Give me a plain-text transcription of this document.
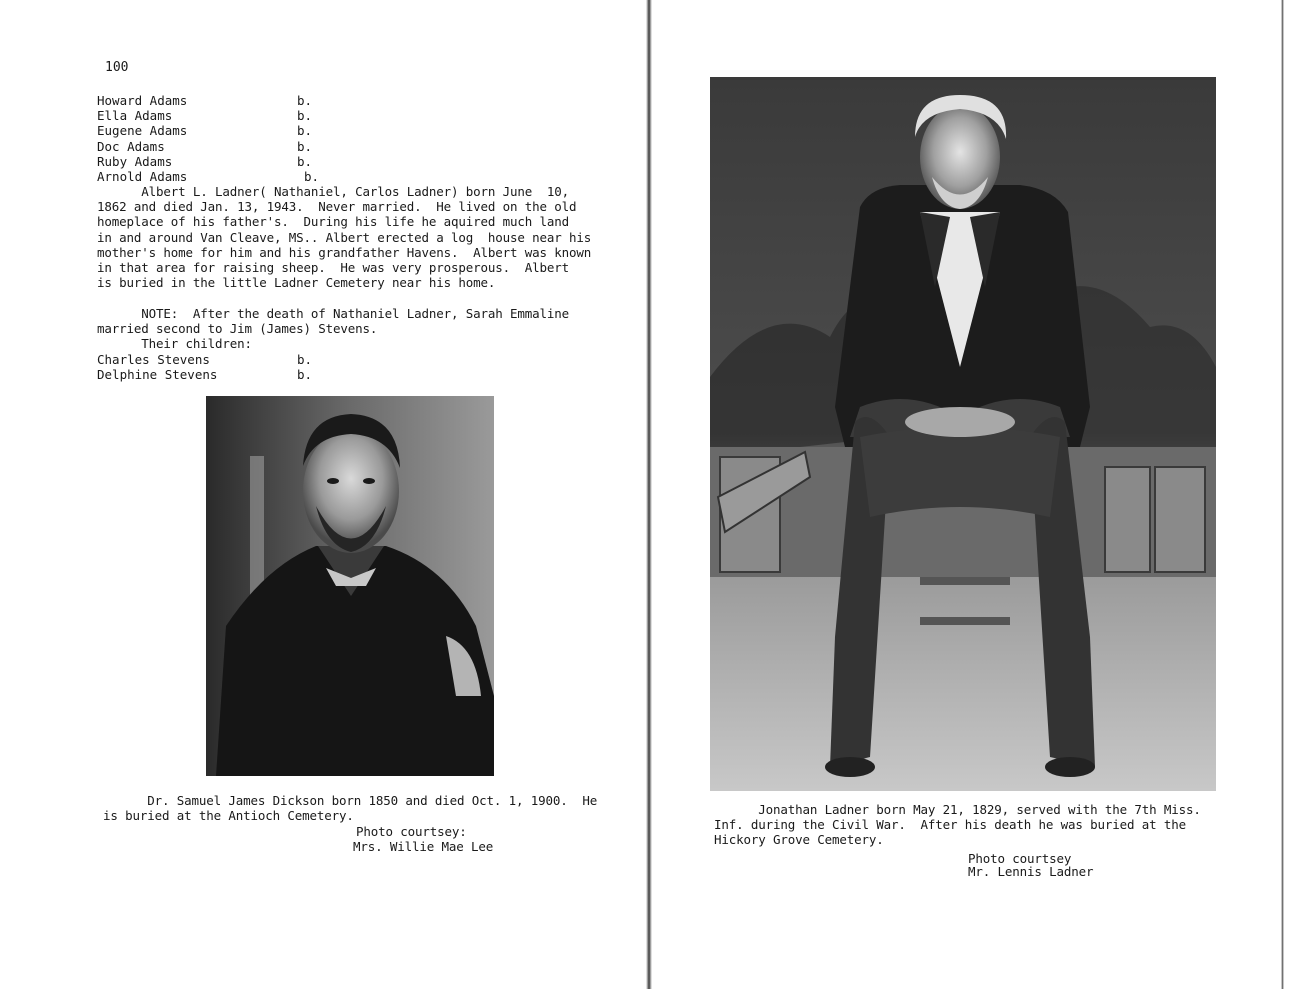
100
Howard Adams	b.
Ella Adams	b.
Eugene Adams	b.
Doc Adams	b.
Ruby Adams	b.
Arnold Adams	b.
Albert L. Ladner( Nathaniel, Carlos Ladner) born June  10,
1862 and died Jan. 13, 1943.  Never married.  He lived on the old
homeplace of his father's.  During his life he aquired much land
in and around Van Cleave, MS.. Albert erected a log  house near his
mother's home for him and his grandfather Havens.  Albert was known
in that area for raising sheep.  He was very prosperous.  Albert
is buried in the little Ladner Cemetery near his home.
NOTE:  After the death of Nathaniel Ladner, Sarah Emmaline
married second to Jim (James) Stevens.
Their children:
Charles Stevens	b.
Delphine Stevens	b.
Dr. Samuel James Dickson born 1850 and died Oct. 1, 1900.  He
is buried at the Antioch Cemetery.
Photo courtsey:
Mrs. Willie Mae Lee
Jonathan Ladner born May 21, 1829, served with the 7th Miss.
Inf. during the Civil War.  After his death he was buried at the
Hickory Grove Cemetery.
Photo courtsey
Mr. Lennis Ladner
